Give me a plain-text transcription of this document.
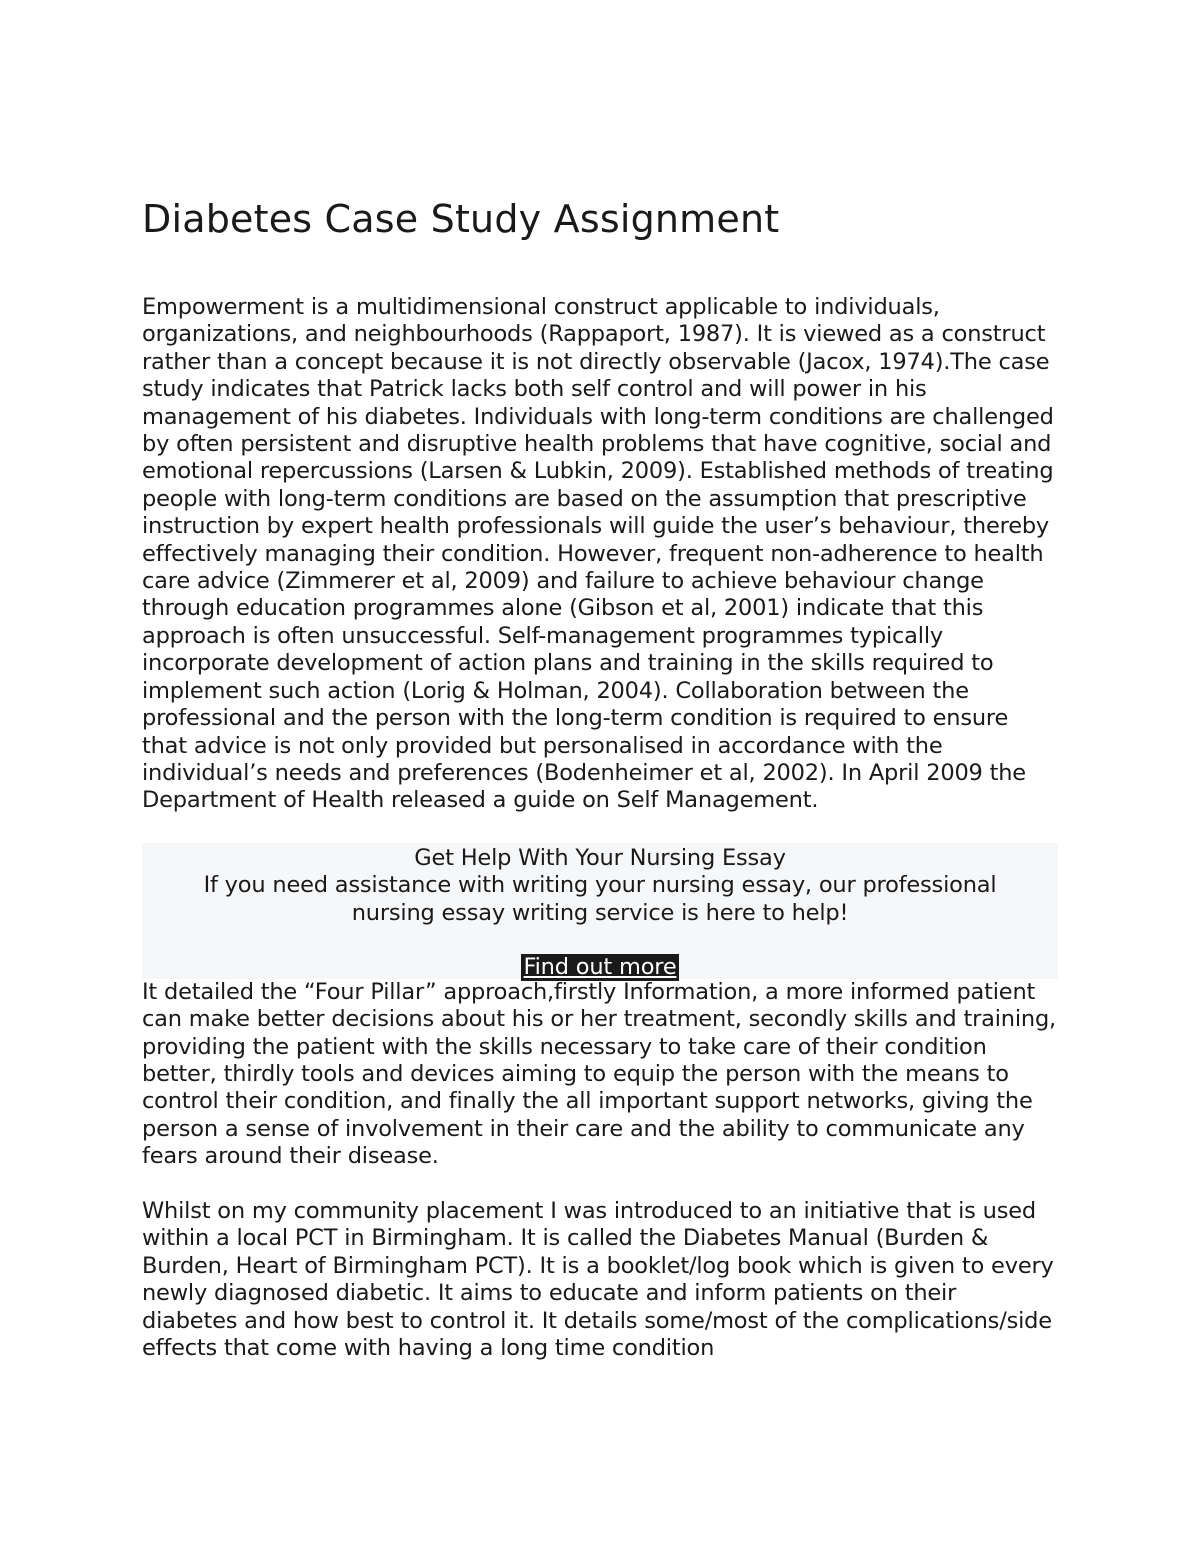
Diabetes Case Study Assignment

Empowerment is a multidimensional construct applicable to individuals, organizations, and neighbourhoods (Rappaport, 1987). It is viewed as a construct rather than a concept because it is not directly observable (Jacox, 1974).The case study indicates that Patrick lacks both self control and will power in his management of his diabetes. Individuals with long-term conditions are challenged by often persistent and disruptive health problems that have cognitive, social and emotional repercussions (Larsen & Lubkin, 2009). Established methods of treating people with long-term conditions are based on the assumption that prescriptive instruction by expert health professionals will guide the user’s behaviour, thereby effectively managing their condition. However, frequent non-adherence to health care advice (Zimmerer et al, 2009) and failure to achieve behaviour change through education programmes alone (Gibson et al, 2001) indicate that this approach is often unsuccessful. Self-management programmes typically incorporate development of action plans and training in the skills required to implement such action (Lorig & Holman, 2004). Collaboration between the professional and the person with the long-term condition is required to ensure that advice is not only provided but personalised in accordance with the individual’s needs and preferences (Bodenheimer et al, 2002). In April 2009 the Department of Health released a guide on Self Management.

Get Help With Your Nursing Essay
If you need assistance with writing your nursing essay, our professional nursing essay writing service is here to help!
Find out more

It detailed the “Four Pillar” approach,firstly Information, a more informed patient can make better decisions about his or her treatment, secondly skills and training, providing the patient with the skills necessary to take care of their condition better, thirdly tools and devices aiming to equip the person with the means to control their condition, and finally the all important support networks, giving the person a sense of involvement in their care and the ability to communicate any fears around their disease.

Whilst on my community placement I was introduced to an initiative that is used within a local PCT in Birmingham. It is called the Diabetes Manual (Burden & Burden, Heart of Birmingham PCT). It is a booklet/log book which is given to every newly diagnosed diabetic. It aims to educate and inform patients on their diabetes and how best to control it. It details some/most of the complications/side effects that come with having a long time condition
